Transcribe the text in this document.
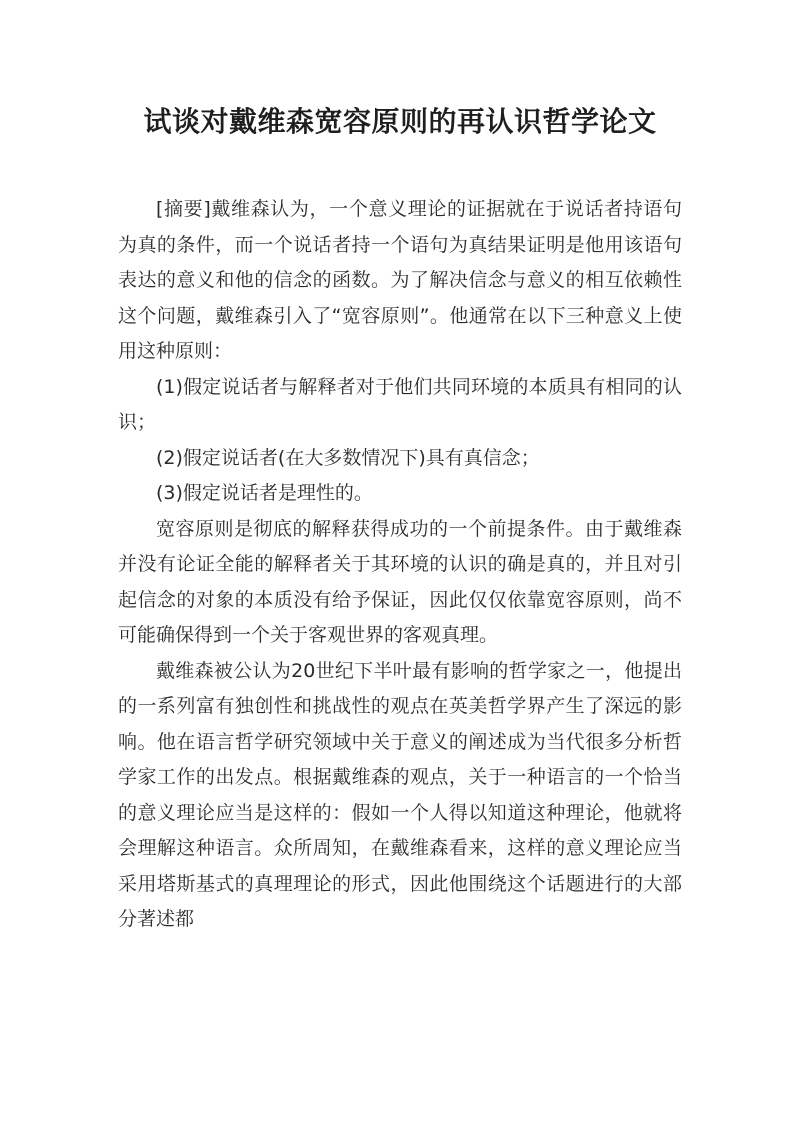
试谈对戴维森宽容原则的再认识哲学论文

[摘要]戴维森认为，一个意义理论的证据就在于说话者持语句为真的条件，而一个说话者持一个语句为真结果证明是他用该语句表达的意义和他的信念的函数。为了解决信念与意义的相互依赖性这个问题，戴维森引入了“宽容原则”。他通常在以下三种意义上使用这种原则：

(1)假定说话者与解释者对于他们共同环境的本质具有相同的认识；

(2)假定说话者(在大多数情况下)具有真信念；

(3)假定说话者是理性的。

宽容原则是彻底的解释获得成功的一个前提条件。由于戴维森并没有论证全能的解释者关于其环境的认识的确是真的，并且对引起信念的对象的本质没有给予保证，因此仅仅依靠宽容原则，尚不可能确保得到一个关于客观世界的客观真理。

戴维森被公认为20世纪下半叶最有影响的哲学家之一，他提出的一系列富有独创性和挑战性的观点在英美哲学界产生了深远的影响。他在语言哲学研究领域中关于意义的阐述成为当代很多分析哲学家工作的出发点。根据戴维森的观点，关于一种语言的一个恰当的意义理论应当是这样的：假如一个人得以知道这种理论，他就将会理解这种语言。众所周知，在戴维森看来，这样的意义理论应当采用塔斯基式的真理理论的形式，因此他围绕这个话题进行的大部分著述都
